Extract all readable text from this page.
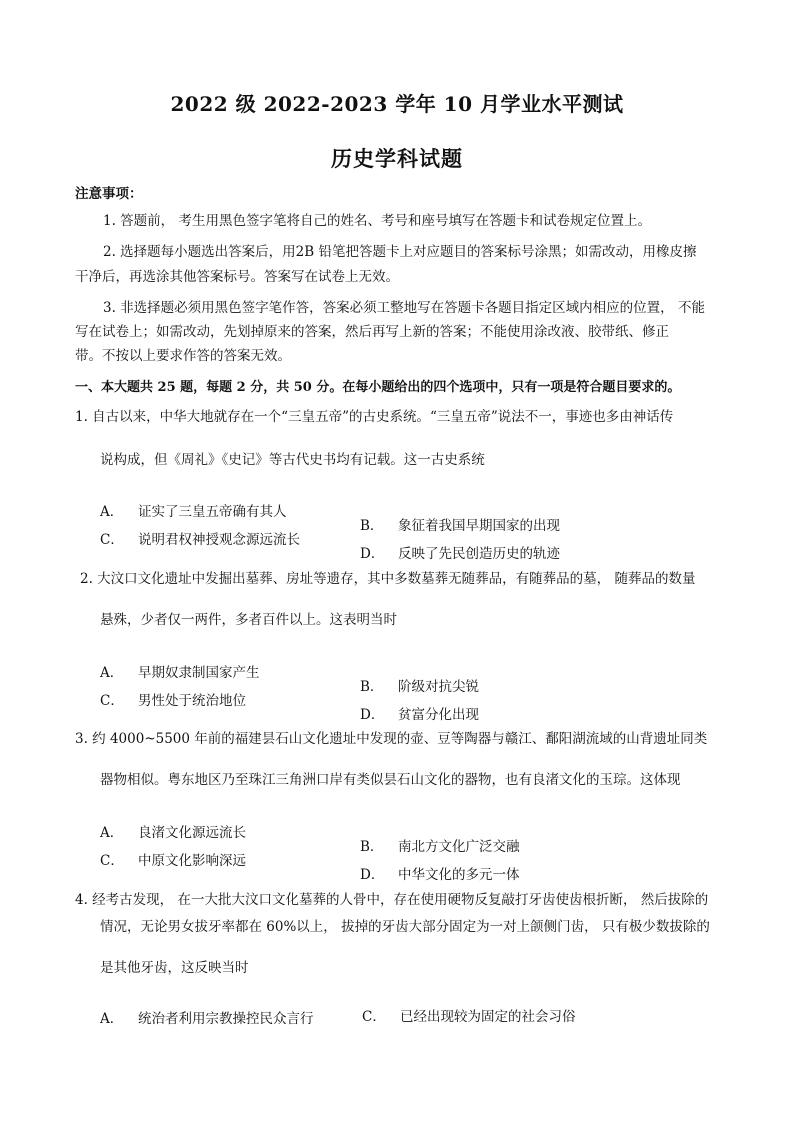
2022 级 2022-2023 学年 10 月学业水平测试
历史学科试题
注意事项：
1. 答题前， 考生用黑色签字笔将自己的姓名、考号和座号填写在答题卡和试卷规定位置上。
2. 选择题每小题选出答案后，用2B 铅笔把答题卡上对应题目的答案标号涂黑；如需改动，用橡皮擦
干净后，再选涂其他答案标号。答案写在试卷上无效。
3. 非选择题必须用黑色签字笔作答，答案必须工整地写在答题卡各题目指定区域内相应的位置， 不能
写在试卷上；如需改动，先划掉原来的答案，然后再写上新的答案；不能使用涂改液、胶带纸、修正
带。不按以上要求作答的答案无效。
一、本大题共 25 题，每题 2 分，共 50 分。在每小题给出的四个选项中，只有一项是符合题目要求的。
1. 自古以来，中华大地就存在一个“三皇五帝”的古史系统。“三皇五帝”说法不一，事迹也多由神话传
说构成，但《周礼》《史记》等古代史书均有记载。这一古史系统
A． 证实了三皇五帝确有其人
B． 象征着我国早期国家的出现
C． 说明君权神授观念源远流长
D． 反映了先民创造历史的轨迹
2. 大汶口文化遗址中发掘出墓葬、房址等遗存，其中多数墓葬无随葬品，有随葬品的墓， 随葬品的数量
悬殊，少者仅一两件，多者百件以上。这表明当时
A． 早期奴隶制国家产生
B． 阶级对抗尖锐
C． 男性处于统治地位
D． 贫富分化出现
3. 约 4000~5500 年前的福建昙石山文化遗址中发现的壶、豆等陶器与赣江、鄱阳湖流域的山背遗址同类
器物相似。粤东地区乃至珠江三角洲口岸有类似昙石山文化的器物，也有良渚文化的玉琮。这体现
A． 良渚文化源远流长
B． 南北方文化广泛交融
C． 中原文化影响深远
D． 中华文化的多元一体
4. 经考古发现， 在一大批大汶口文化墓葬的人骨中，存在使用硬物反复敲打牙齿使齿根折断， 然后拔除的
情况，无论男女拔牙率都在 60%以上， 拔掉的牙齿大部分固定为一对上颌侧门齿， 只有极少数拔除的
是其他牙齿，这反映当时
A． 统治者利用宗教操控民众言行	C． 已经出现较为固定的社会习俗
